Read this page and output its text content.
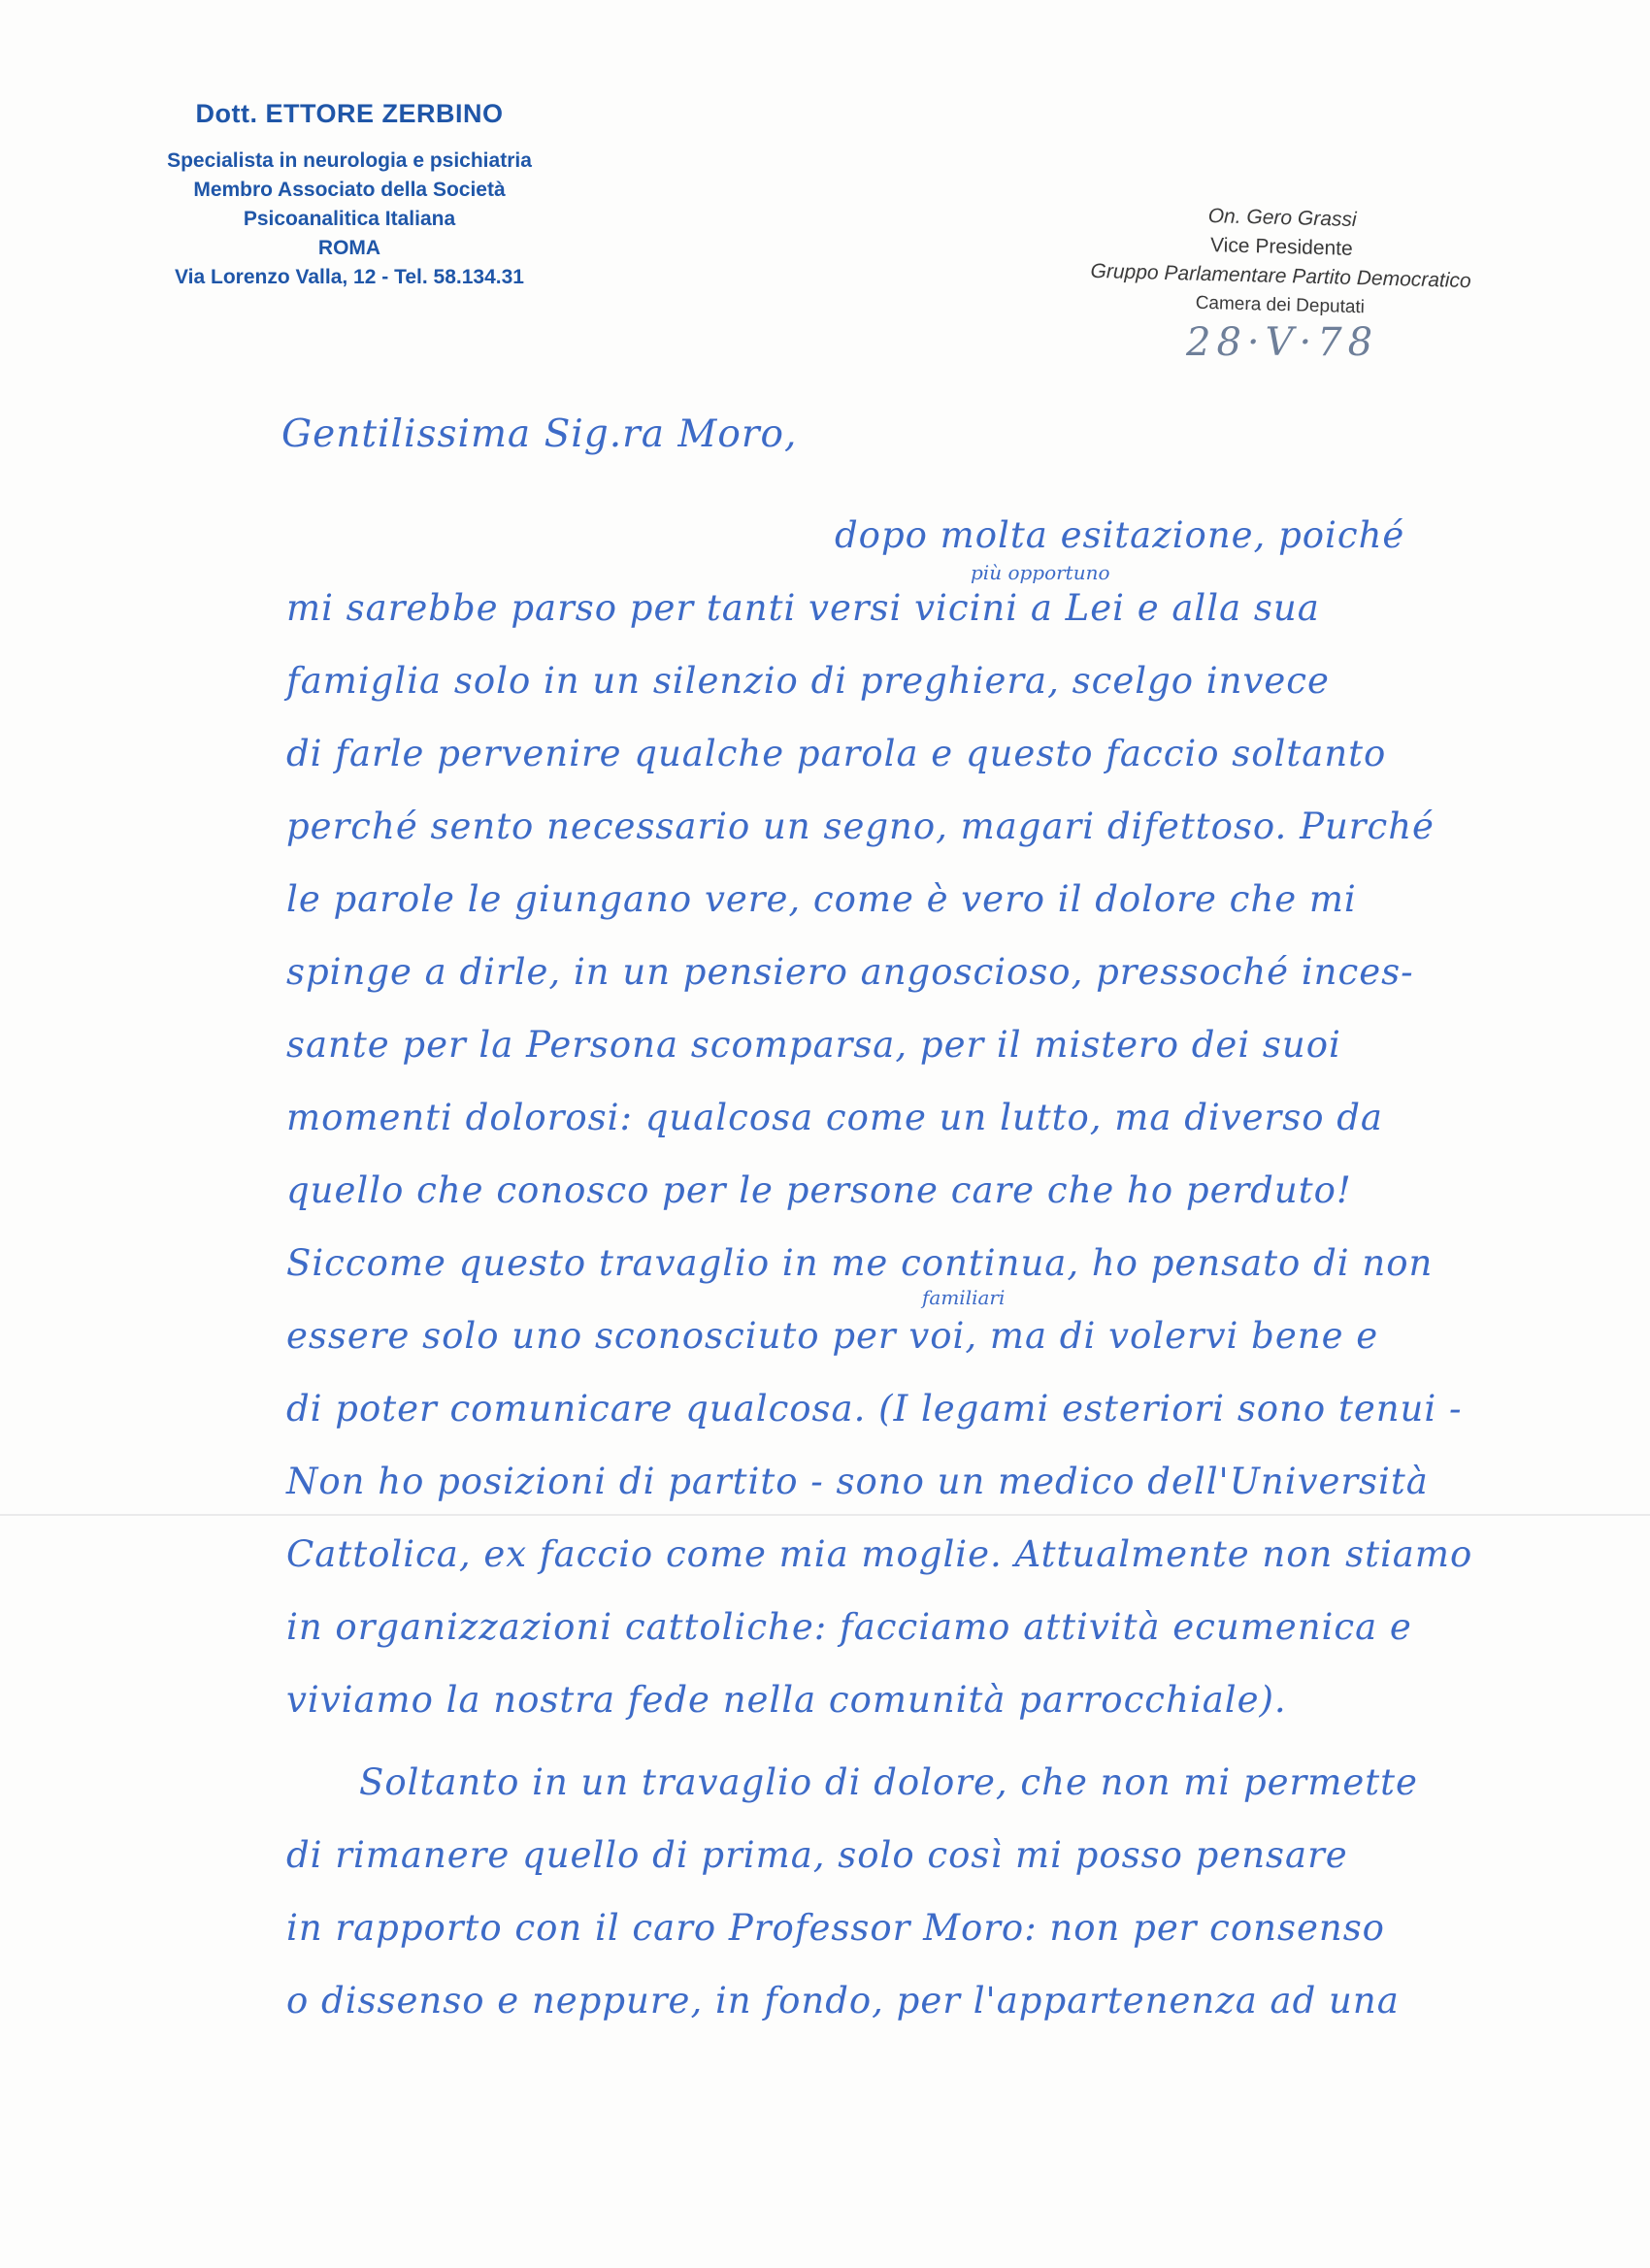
Dott. ETTORE ZERBINO
Specialista in neurologia e psichiatria
Membro Associato della Società
Psicoanalitica Italiana
ROMA
Via Lorenzo Valla, 12 - Tel. 58.134.31
On. Gero Grassi
Vice Presidente
Gruppo Parlamentare Partito Democratico
Camera dei Deputati
28·V·78
Gentilissima Sig.ra Moro,
dopo molta esitazione, poiché
più opportuno
mi sarebbe parso per tanti versi vicini a Lei e alla sua
famiglia solo in un silenzio di preghiera, scelgo invece
di farle pervenire qualche parola e questo faccio soltanto
perché sento necessario un segno, magari difettoso. Purché
le parole le giungano vere, come è vero il dolore che mi
spinge a dirle, in un pensiero angoscioso, pressoché inces-
sante per la Persona scomparsa, per il mistero dei suoi
momenti dolorosi: qualcosa come un lutto, ma diverso da
quello che conosco per le persone care che ho perduto!
Siccome questo travaglio in me continua, ho pensato di non
familiari
essere solo uno sconosciuto per voi, ma di volervi bene e
di poter comunicare qualcosa. (I legami esteriori sono tenui -
Non ho posizioni di partito - sono un medico dell'Università
Cattolica, ex faccio come mia moglie. Attualmente non stiamo
in organizzazioni cattoliche: facciamo attività ecumenica e
viviamo la nostra fede nella comunità parrocchiale).
Soltanto in un travaglio di dolore, che non mi permette
di rimanere quello di prima, solo così mi posso pensare
in rapporto con il caro Professor Moro: non per consenso
o dissenso e neppure, in fondo, per l'appartenenza ad una
